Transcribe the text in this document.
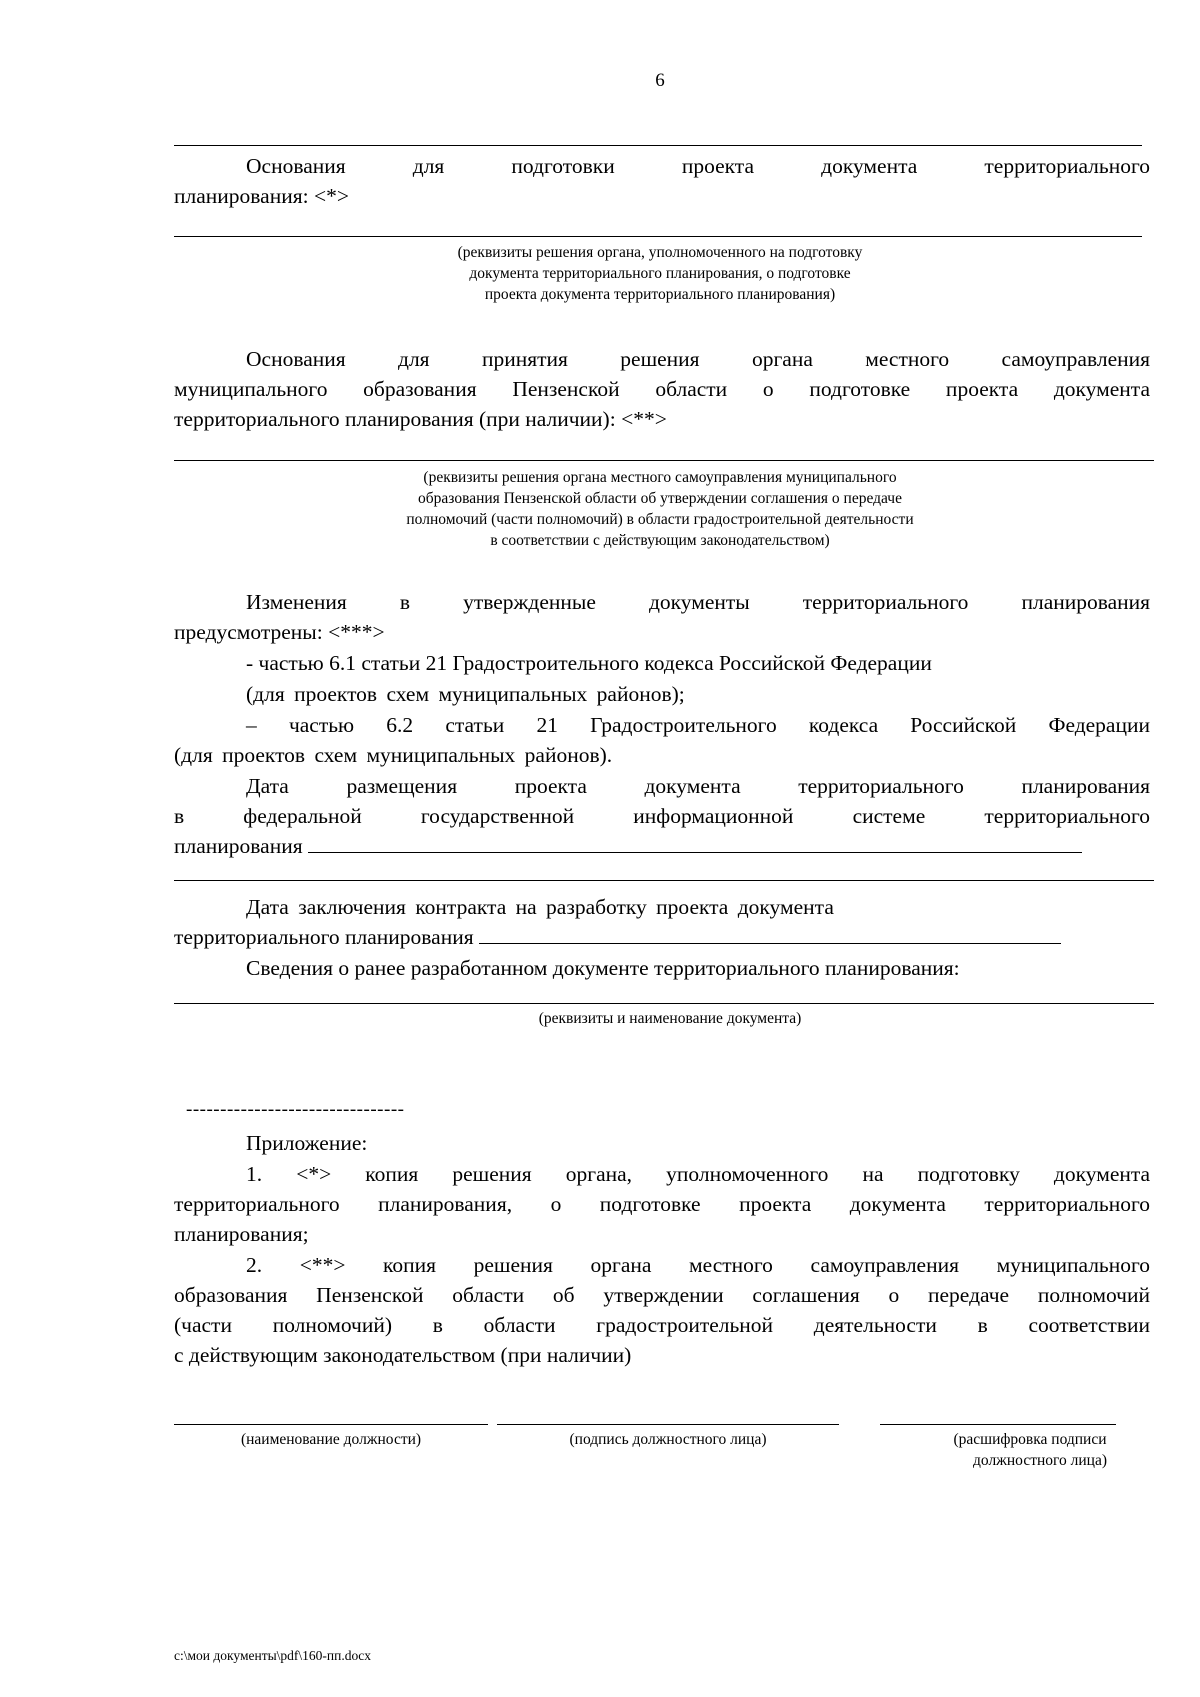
6

Основания	для	подготовки	проекта	документа	территориального

планирования: <*>

(реквизиты решения органа, уполномоченного на подготовку
документа территориального планирования, о подготовке
проекта документа территориального планирования)

Основания для принятия решения органа местного самоуправления

муниципального образования Пензенской области о подготовке проекта документа

территориального планирования (при наличии): <**>

(реквизиты решения органа местного самоуправления муниципального
образования Пензенской области об утверждении соглашения о передаче
полномочий (части полномочий) в области градостроительной деятельности
в соответствии с действующим законодательством)

Изменения в утвержденные документы территориального планирования

предусмотрены: <***>

- частью 6.1 статьи 21 Градостроительного кодекса Российской Федерации

(для проектов схем муниципальных районов);

– частью 6.2 статьи 21 Градостроительного кодекса Российской Федерации

(для проектов схем муниципальных районов).

Дата	размещения	проекта	документа	территориального	планирования

в	федеральной	государственной	информационной	системе	территориального

планирования

Дата заключения контракта на разработку проекта документа

территориального планирования

Сведения о ранее разработанном документе территориального планирования:

(реквизиты и наименование документа)

--------------------------------

Приложение:

1. <*> копия решения органа, уполномоченного на подготовку документа

территориального планирования, о подготовке проекта документа территориального

планирования;

2. <**> копия решения органа местного самоуправления муниципального

образования Пензенской области об утверждении соглашения о передаче полномочий

(части полномочий) в области градостроительной деятельности в соответствии

с действующим законодательством (при наличии)

(наименование должности)	(подпись должностного лица)	(расшифровка подписи
должностного лица)

c:\мои документы\pdf\160-пп.docx
